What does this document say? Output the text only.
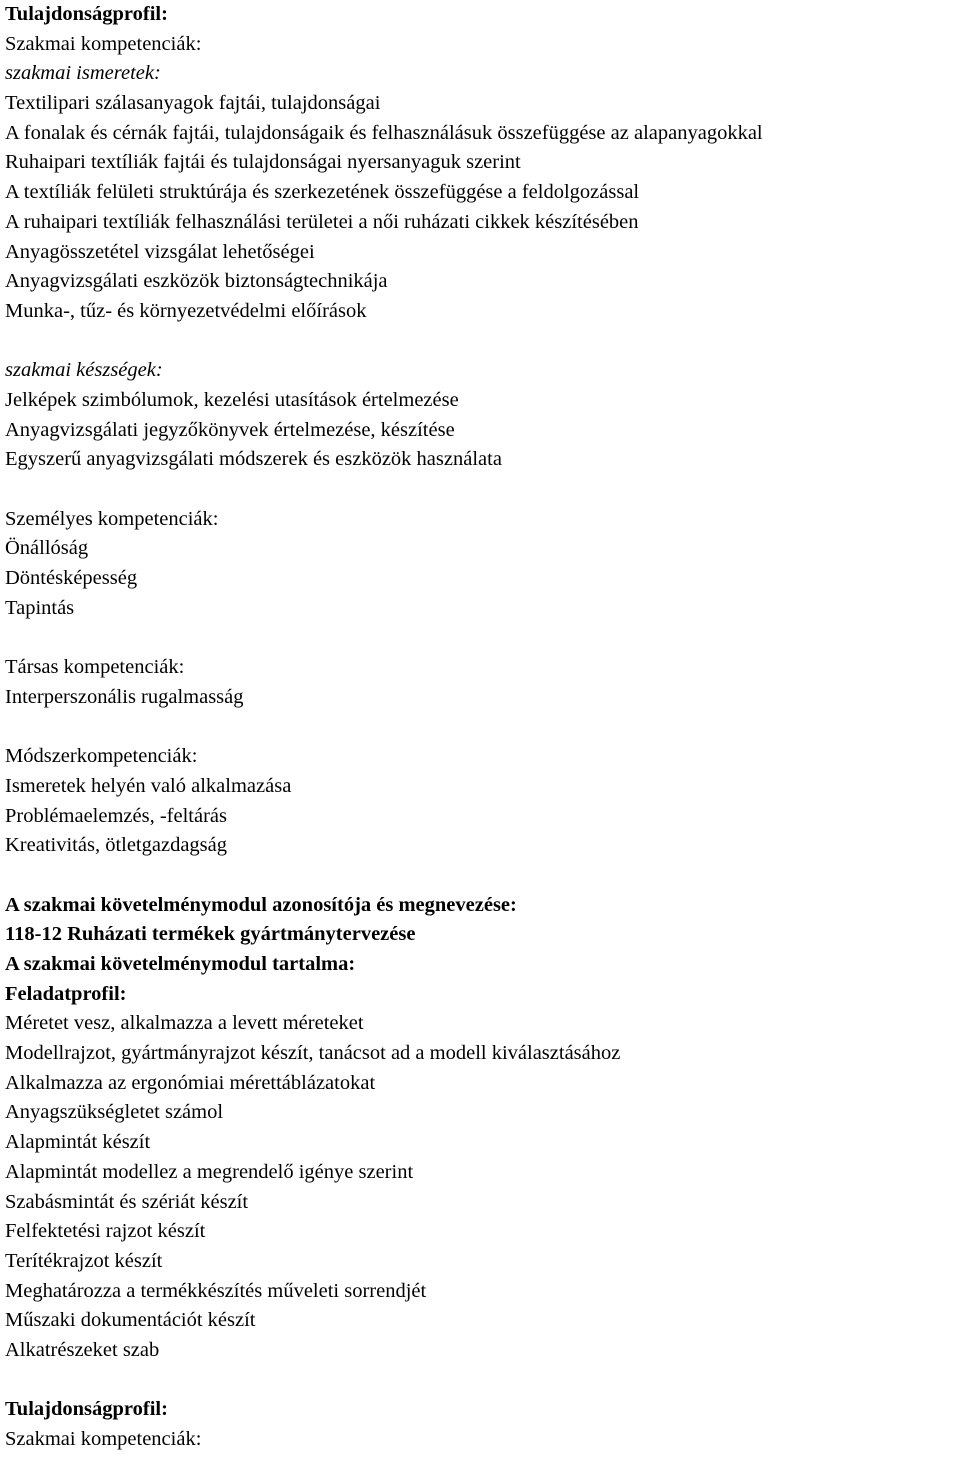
Tulajdonságprofil:
Szakmai kompetenciák:
szakmai ismeretek:
Textilipari szálasanyagok fajtái, tulajdonságai
A fonalak és cérnák fajtái, tulajdonságaik és felhasználásuk összefüggése az alapanyagokkal
Ruhaipari textíliák fajtái és tulajdonságai nyersanyaguk szerint
A textíliák felületi struktúrája és szerkezetének összefüggése a feldolgozással
A ruhaipari textíliák felhasználási területei a női ruházati cikkek készítésében
Anyagösszetétel vizsgálat lehetőségei
Anyagvizsgálati eszközök biztonságtechnikája
Munka-, tűz- és környezetvédelmi előírások
szakmai készségek:
Jelképek szimbólumok, kezelési utasítások értelmezése
Anyagvizsgálati jegyzőkönyvek értelmezése, készítése
Egyszerű anyagvizsgálati módszerek és eszközök használata
Személyes kompetenciák:
Önállóság
Döntésképesség
Tapintás
Társas kompetenciák:
Interperszonális rugalmasság
Módszerkompetenciák:
Ismeretek helyén való alkalmazása
Problémaelemzés, -feltárás
Kreativitás, ötletgazdagság
A szakmai követelménymodul azonosítója és megnevezése:
118-12 Ruházati termékek gyártmánytervezése
A szakmai követelménymodul tartalma:
Feladatprofil:
Méretet vesz, alkalmazza a levett méreteket
Modellrajzot, gyártmányrajzot készít, tanácsot ad a modell kiválasztásához
Alkalmazza az ergonómiai mérettáblázatokat
Anyagszükségletet számol
Alapmintát készít
Alapmintát modellez a megrendelő igénye szerint
Szabásmintát és szériát készít
Felfektetési rajzot készít
Terítékrajzot készít
Meghatározza a termékkészítés műveleti sorrendjét
Műszaki dokumentációt készít
Alkatrészeket szab
Tulajdonságprofil:
Szakmai kompetenciák:
